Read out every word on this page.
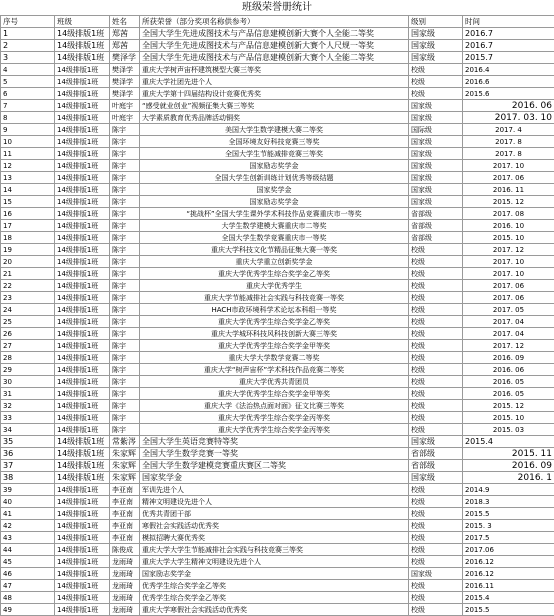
班级荣誉册统计
序号	班级	姓名	所获荣誉（部分奖项名称供参考）	级别	时间
1	14级排版1班	郑茜	全国大学生先进成图技术与产品信息建模创新大赛个人全能二等奖	国家级	2016.7
2	14级排版1班	郑茜	全国大学生先进成图技术与产品信息建模创新大赛个人尺规一等奖	国家级	2016.7
3	14级排版1班	樊泽学	全国大学生先进成图技术与产品信息建模创新大赛个人全能二等奖	国家级	2015.7
4	14级排版1班	樊泽学	重庆大学树声宙杯建筑模型大赛三等奖	校级	2016.4
5	14级排版1班	樊泽学	重庆大学社团先进个人	校级	2016.6
6	14级排版1班	樊泽学	重庆大学第十四届结构设计竞赛优秀奖	校级	2015.6
7	14级排版1班	叶庭宇	“感受就业创业”视频征集大赛三等奖	国家级	2016. 06
8	14级排版1班	叶庭宇	大学素质教育优秀品牌活动铜奖	国家级	2017. 03. 10
9	14级排版1班	陈宇	美国大学生数学建模大赛二等奖	国际级	2017. 4
10	14级排版1班	陈宇	全国环境友好科技竞赛三等奖	国家级	2017. 8
11	14级排版1班	陈宇	全国大学生节能减排竞赛三等奖	国家级	2017. 8
12	14级排版1班	陈宇	国家励志奖学金	国家级	2017. 10
13	14级排版1班	陈宇	全国大学生创新训练计划优秀等级结题	国家级	2017. 06
14	14级排版1班	陈宇	国家奖学金	国家级	2016. 11
15	14级排版1班	陈宇	国家励志奖学金	国家级	2015. 12
16	14级排版1班	陈宇	“挑战杯”全国大学生课外学术科技作品竞赛重庆市一等奖	省部级	2017. 08
17	14级排版1班	陈宇	大学生数学建模大赛重庆市二等奖	省部级	2016. 10
18	14级排版1班	陈宇	全国大学生数学竞赛重庆市一等奖	省部级	2015. 10
19	14级排版1班	陈宇	重庆大学科技文化节精品征集大赛一等奖	校级	2017. 12
20	14级排版1班	陈宇	重庆大学重立创新奖学金	校级	2017. 10
21	14级排版1班	陈宇	重庆大学优秀学生综合奖学金乙等奖	校级	2017. 10
22	14级排版1班	陈宇	重庆大学优秀学生	校级	2017. 06
23	14级排版1班	陈宇	重庆大学节能减排社会实践与科技竞赛一等奖	校级	2017. 06
24	14级排版1班	陈宇	HACH市政环境科学术论坛本科组一等奖	校级	2017. 05
25	14级排版1班	陈宇	重庆大学优秀学生综合奖学金乙等奖	校级	2017. 04
26	14级排版1班	陈宇	重庆大学城环科技风科技创新大赛三等奖	校级	2017. 04
27	14级排版1班	陈宇	重庆大学优秀学生综合奖学金甲等奖	校级	2017. 12
28	14级排版1班	陈宇	重庆大学大学数学竞赛二等奖	校级	2016. 09
29	14级排版1班	陈宇	重庆大学“树声宙杯”学术科技作品竞赛二等奖	校级	2016. 06
30	14级排版1班	陈宇	重庆大学优秀共青团员	校级	2016. 05
31	14级排版1班	陈宇	重庆大学优秀学生综合奖学金甲等奖	校级	2016. 05
32	14级排版1班	陈宇	重庆大学《法治热点面对面》征文比赛三等奖	校级	2015. 12
33	14级排版1班	陈宇	重庆大学优秀学生综合奖学金丙等奖	校级	2015. 10
34	14级排版1班	陈宇	重庆大学优秀学生综合奖学金丙等奖	校级	2015. 03
35	14级排版1班	常紫涔	全国大学生英语竞赛特等奖	国家级	2015.4
36	14级排版1班	朱家辉	全国大学生数学竞赛一等奖	省部级	2015. 11
37	14级排版1班	朱家辉	全国大学生数学建模竞赛重庆赛区二等奖	省部级	2016. 09
38	14级排版1班	朱家辉	国家奖学金	国家级	2016. 1
39	14级排版1班	李亚南	军训先进个人	校级	2014.9
40	14级排版1班	李亚南	精神文明建设先进个人	校级	2018.3
41	14级排版1班	李亚南	优秀共青团干部	校级	2015.5
42	14级排版1班	李亚南	寒假社会实践活动优秀奖	校级	2015. 3
43	14级排版1班	李亚南	模拟招聘大赛优秀奖	校级	2017.5
44	14级排版1班	陈俊成	重庆大学大学生节能减排社会实践与科技竞赛三等奖	校级	2017.06
45	14级排版1班	龙雨琦	重庆大学大学生精神文明建设先进个人	校级	2016.12
46	14级排版1班	龙雨琦	国家励志奖学金	国家级	2016.12
47	14级排版1班	龙雨琦	优秀学生综合奖学金乙等奖	校级	2016.11
48	14级排版1班	龙雨琦	优秀学生综合奖学金乙等奖	校级	2015.4
49	14级排版1班	龙雨琦	重庆大学寒假社会实践活动优秀奖	校级	2015.5
